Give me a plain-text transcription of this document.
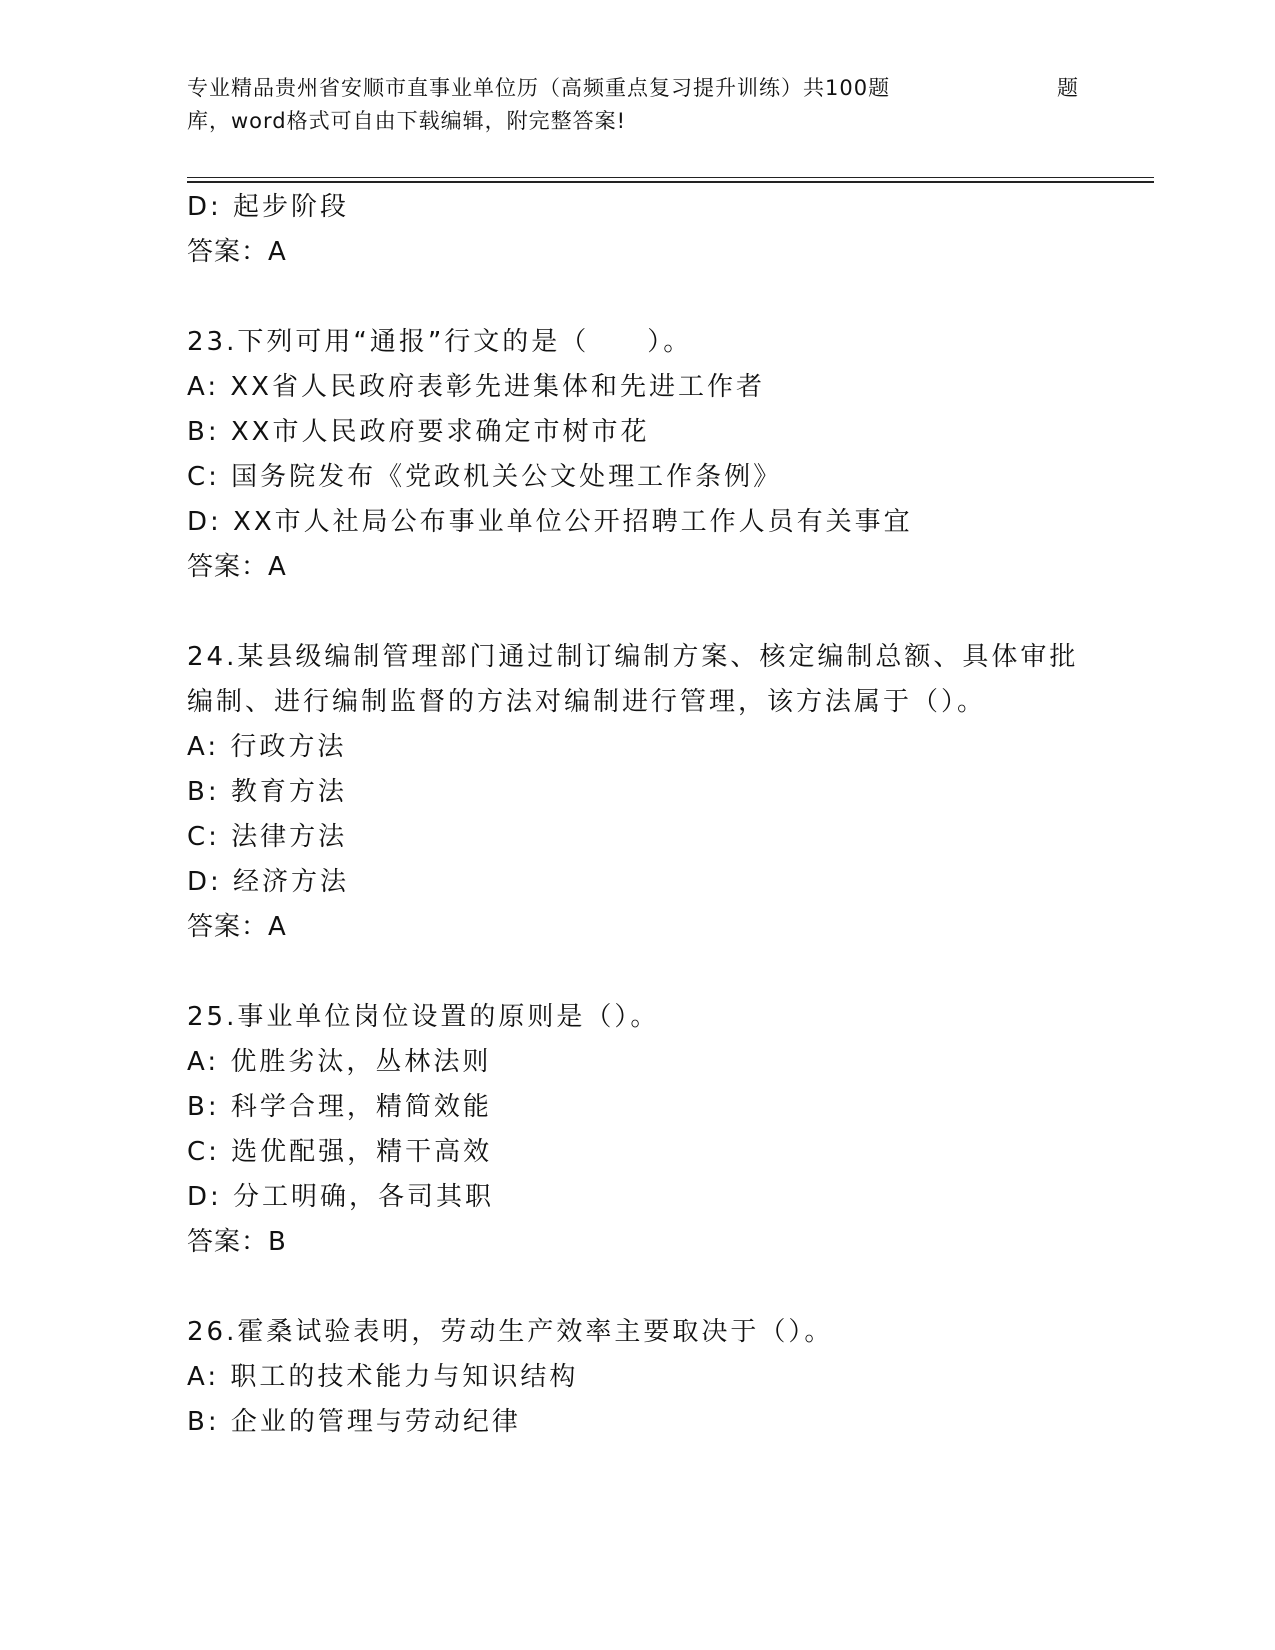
专业精品贵州省安顺市直事业单位历（高频重点复习提升训练）共100题	题
库，word格式可自由下载编辑，附完整答案!
D: 起步阶段
答案：A
23.下列可用“通报”行文的是（　　）。
A: XX省人民政府表彰先进集体和先进工作者
B: XX市人民政府要求确定市树市花
C: 国务院发布《党政机关公文处理工作条例》
D: XX市人社局公布事业单位公开招聘工作人员有关事宜
答案：A
24.某县级编制管理部门通过制订编制方案、核定编制总额、具体审批
编制、进行编制监督的方法对编制进行管理，该方法属于（）。
A: 行政方法
B: 教育方法
C: 法律方法
D: 经济方法
答案：A
25.事业单位岗位设置的原则是（）。
A: 优胜劣汰，丛林法则
B: 科学合理，精简效能
C: 选优配强，精干高效
D: 分工明确，各司其职
答案：B
26.霍桑试验表明，劳动生产效率主要取决于（）。
A: 职工的技术能力与知识结构
B: 企业的管理与劳动纪律
